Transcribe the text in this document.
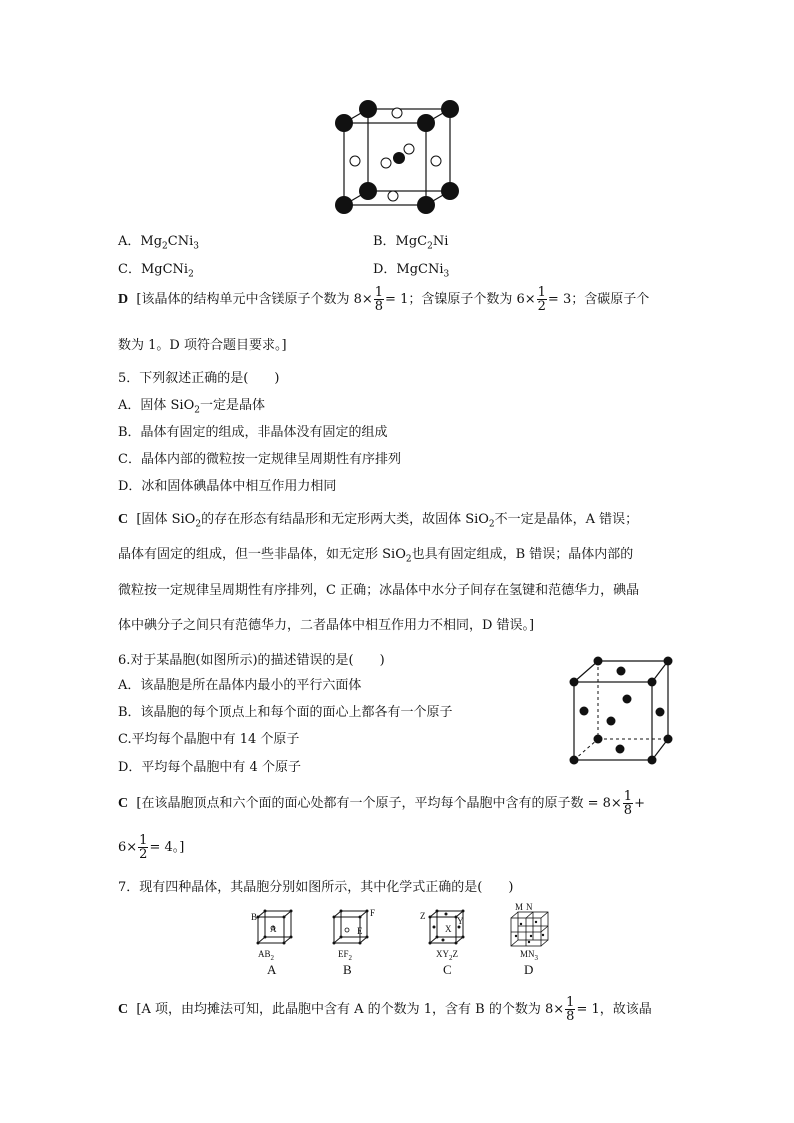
A．$Mg_2CNi_3$	B．MgC$_2$Ni
C．MgCNi$_2$	D．MgCNi$_3$
D [该晶体的结构单元中含镁原子个数为 $8\times \frac{1}{8} = 1$；含镍原子个数为 $6\times \frac{1}{2} = 3$；含碳原子个
数为 1。D 项符合题目要求。]
5．下列叙述正确的是(　　)
A．固体 SiO$_2$一定是晶体
B．晶体有固定的组成，非晶体没有固定的组成
C．晶体内部的微粒按一定规律呈周期性有序排列
D．冰和固体碘晶体中相互作用力相同
C [固体 SiO$_2$的存在形态有结晶形和无定形两大类，故固体 SiO$_2$不一定是晶体，A 错误；
晶体有固定的组成，但一些非晶体，如无定形 SiO$_2$也具有固定组成，B 错误；晶体内部的
微粒按一定规律呈周期性有序排列，C 正确；冰晶体中水分子间存在氢键和范德华力，碘晶
体中碘分子之间只有范德华力，二者晶体中相互作用力不相同，D 错误。]
6.对于某晶胞(如图所示)的描述错误的是(　　)
A．该晶胞是所在晶体内最小的平行六面体
B．该晶胞的每个顶点上和每个面的面心上都各有一个原子
C.平均每个晶胞中有 14 个原子
D．平均每个晶胞中有 4 个原子
C [在该晶胞顶点和六个面的面心处都有一个原子，平均每个晶胞中含有的原子数 = $8\times \frac{1}{8}$ +
$6\times \frac{1}{2} = 4$。]
7．现有四种晶体，其晶胞分别如图所示，其中化学式正确的是(　　)
B
A
$AB_2$
A
F
E
$EF_2$
B
Z
X
Y
$XY_2Z$
C
M N
$MN_3$
D
C [A 项，由均摊法可知，此晶胞中含有 A 的个数为 1，含有 B 的个数为 $8\times \frac{1}{8} = 1$，故该晶
